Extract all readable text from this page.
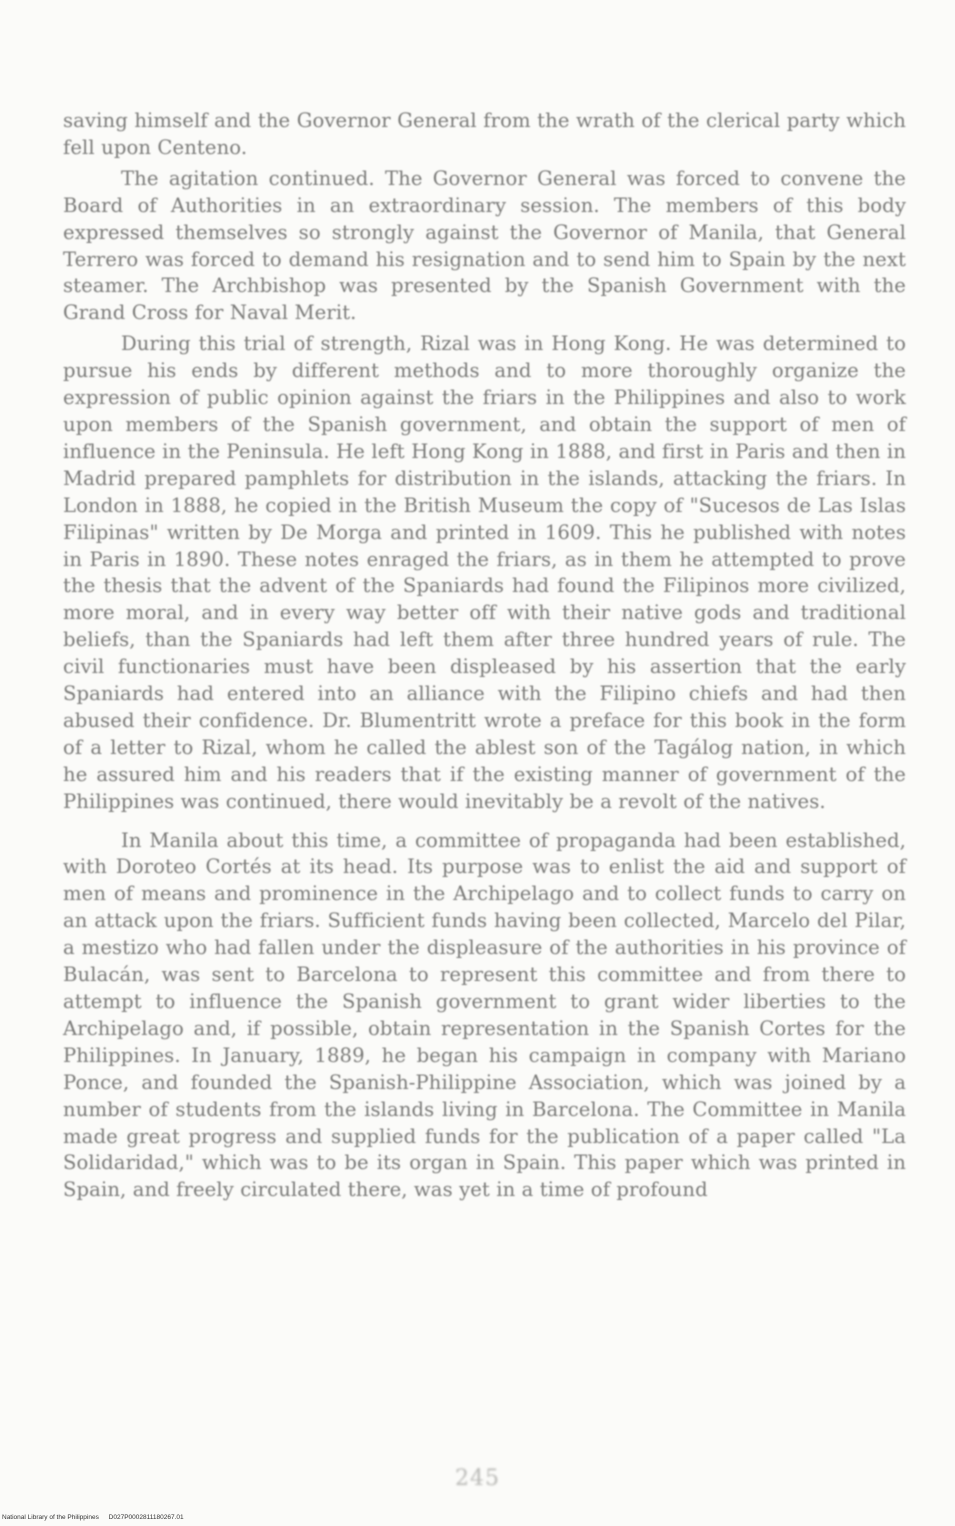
saving himself and the Governor General from the wrath of the clerical party which fell upon Centeno.

The agitation continued. The Governor General was forced to convene the Board of Authorities in an extraordinary session. The members of this body expressed themselves so strongly against the Governor of Manila, that General Terrero was forced to demand his resignation and to send him to Spain by the next steamer. The Archbishop was presented by the Spanish Government with the Grand Cross for Naval Merit.

During this trial of strength, Rizal was in Hong Kong. He was determined to pursue his ends by different methods and to more thoroughly organize the expression of public opinion against the friars in the Philippines and also to work upon members of the Spanish government, and obtain the support of men of influence in the Peninsula. He left Hong Kong in 1888, and first in Paris and then in Madrid prepared pamphlets for distribution in the islands, attacking the friars. In London in 1888, he copied in the British Museum the copy of "Sucesos de Las Islas Filipinas" written by De Morga and printed in 1609. This he published with notes in Paris in 1890. These notes enraged the friars, as in them he attempted to prove the thesis that the advent of the Spaniards had found the Filipinos more civilized, more moral, and in every way better off with their native gods and traditional beliefs, than the Spaniards had left them after three hundred years of rule. The civil functionaries must have been displeased by his assertion that the early Spaniards had entered into an alliance with the Filipino chiefs and had then abused their confidence. Dr. Blumentritt wrote a preface for this book in the form of a letter to Rizal, whom he called the ablest son of the Tagálog nation, in which he assured him and his readers that if the existing manner of government of the Philippines was continued, there would inevitably be a revolt of the natives.

In Manila about this time, a committee of propaganda had been established, with Doroteo Cortés at its head. Its purpose was to enlist the aid and support of men of means and prominence in the Archipelago and to collect funds to carry on an attack upon the friars. Sufficient funds having been collected, Marcelo del Pilar, a mestizo who had fallen under the displeasure of the authorities in his province of Bulacán, was sent to Barcelona to represent this committee and from there to attempt to influence the Spanish government to grant wider liberties to the Archipelago and, if possible, obtain representation in the Spanish Cortes for the Philippines. In January, 1889, he began his campaign in company with Mariano Ponce, and founded the Spanish-Philippine Association, which was joined by a number of students from the islands living in Barcelona. The Committee in Manila made great progress and supplied funds for the publication of a paper called "La Solidaridad," which was to be its organ in Spain. This paper which was printed in Spain, and freely circulated there, was yet in a time of profound

245
National Library of the Philippines D027P0002811180267.01
